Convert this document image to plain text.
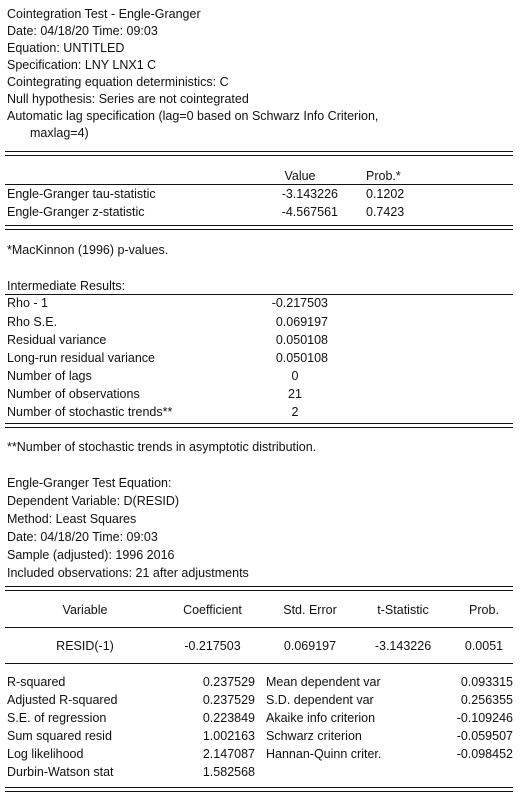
Cointegration Test - Engle-Granger
Date: 04/18/20 Time: 09:03
Equation: UNTITLED
Specification: LNY LNX1 C
Cointegrating equation deterministics: C
Null hypothesis: Series are not cointegrated
Automatic lag specification (lag=0 based on Schwarz Info Criterion,
maxlag=4)
Value	Prob.*
Engle-Granger tau-statistic	-3.143226 0.1202
Engle-Granger z-statistic	-4.567561 0.7423
*MacKinnon (1996) p-values.
Intermediate Results:
Rho - 1	-0.217503
Rho S.E.	0.069197
Residual variance	0.050108
Long-run residual variance	0.050108
Number of lags	0
Number of observations	21
Number of stochastic trends**	2
**Number of stochastic trends in asymptotic distribution.
Engle-Granger Test Equation:
Dependent Variable: D(RESID)
Method: Least Squares
Date: 04/18/20 Time: 09:03
Sample (adjusted): 1996 2016
Included observations: 21 after adjustments
Variable	Coefficient	Std. Error	t-Statistic	Prob.
RESID(-1)	-0.217503	0.069197	-3.143226	0.0051
R-squared	0.237529 Mean dependent var	0.093315
Adjusted R-squared	0.237529 S.D. dependent var	0.256355
S.E. of regression	0.223849 Akaike info criterion	-0.109246
Sum squared resid	1.002163 Schwarz criterion	-0.059507
Log likelihood	2.147087 Hannan-Quinn criter.	-0.098452
Durbin-Watson stat	1.582568
